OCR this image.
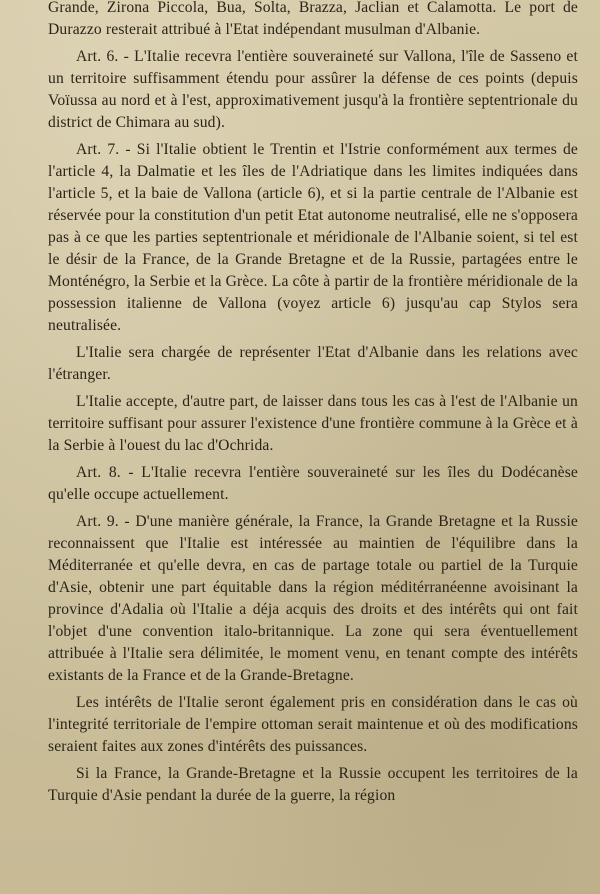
Grande, Zirona Piccola, Bua, Solta, Brazza, Jaclian et Calamotta. Le port de Durazzo resterait attribué à l'Etat indépendant musulman d'Albanie.

Art. 6. - L'Italie recevra l'entière souveraineté sur Vallona, l'île de Sasseno et un territoire suffisamment étendu pour assûrer la défense de ces points (depuis Voïussa au nord et à l'est, approximativement jusqu'à la frontière septentrionale du district de Chimara au sud).

Art. 7. - Si l'Italie obtient le Trentin et l'Istrie conformément aux termes de l'article 4, la Dalmatie et les îles de l'Adriatique dans les limites indiquées dans l'article 5, et la baie de Vallona (article 6), et si la partie centrale de l'Albanie est réservée pour la constitution d'un petit Etat autonome neutralisé, elle ne s'opposera pas à ce que les parties septentrionale et méridionale de l'Albanie soient, si tel est le désir de la France, de la Grande Bretagne et de la Russie, partagées entre le Monténégro, la Serbie et la Grèce. La côte à partir de la frontière méridionale de la possession italienne de Vallona (voyez article 6) jusqu'au cap Stylos sera neutralisée.

L'Italie sera chargée de représenter l'Etat d'Albanie dans les relations avec l'étranger.

L'Italie accepte, d'autre part, de laisser dans tous les cas à l'est de l'Albanie un territoire suffisant pour assurer l'existence d'une frontière commune à la Grèce et à la Serbie à l'ouest du lac d'Ochrida.

Art. 8. - L'Italie recevra l'entière souveraineté sur les îles du Dodécanèse qu'elle occupe actuellement.

Art. 9. - D'une manière générale, la France, la Grande Bretagne et la Russie reconnaissent que l'Italie est intéressée au maintien de l'équilibre dans la Méditerranée et qu'elle devra, en cas de partage totale ou partiel de la Turquie d'Asie, obtenir une part équitable dans la région méditérranéenne avoisinant la province d'Adalia où l'Italie a déja acquis des droits et des intérêts qui ont fait l'objet d'une convention italo-britannique. La zone qui sera éventuellement attribuée à l'Italie sera délimitée, le moment venu, en tenant compte des intérêts existants de la France et de la Grande-Bretagne.

Les intérêts de l'Italie seront également pris en considération dans le cas où l'integrité territoriale de l'empire ottoman serait maintenue et où des modifications seraient faites aux zones d'intérêts des puissances.

Si la France, la Grande-Bretagne et la Russie occupent les territoires de la Turquie d'Asie pendant la durée de la guerre, la région
